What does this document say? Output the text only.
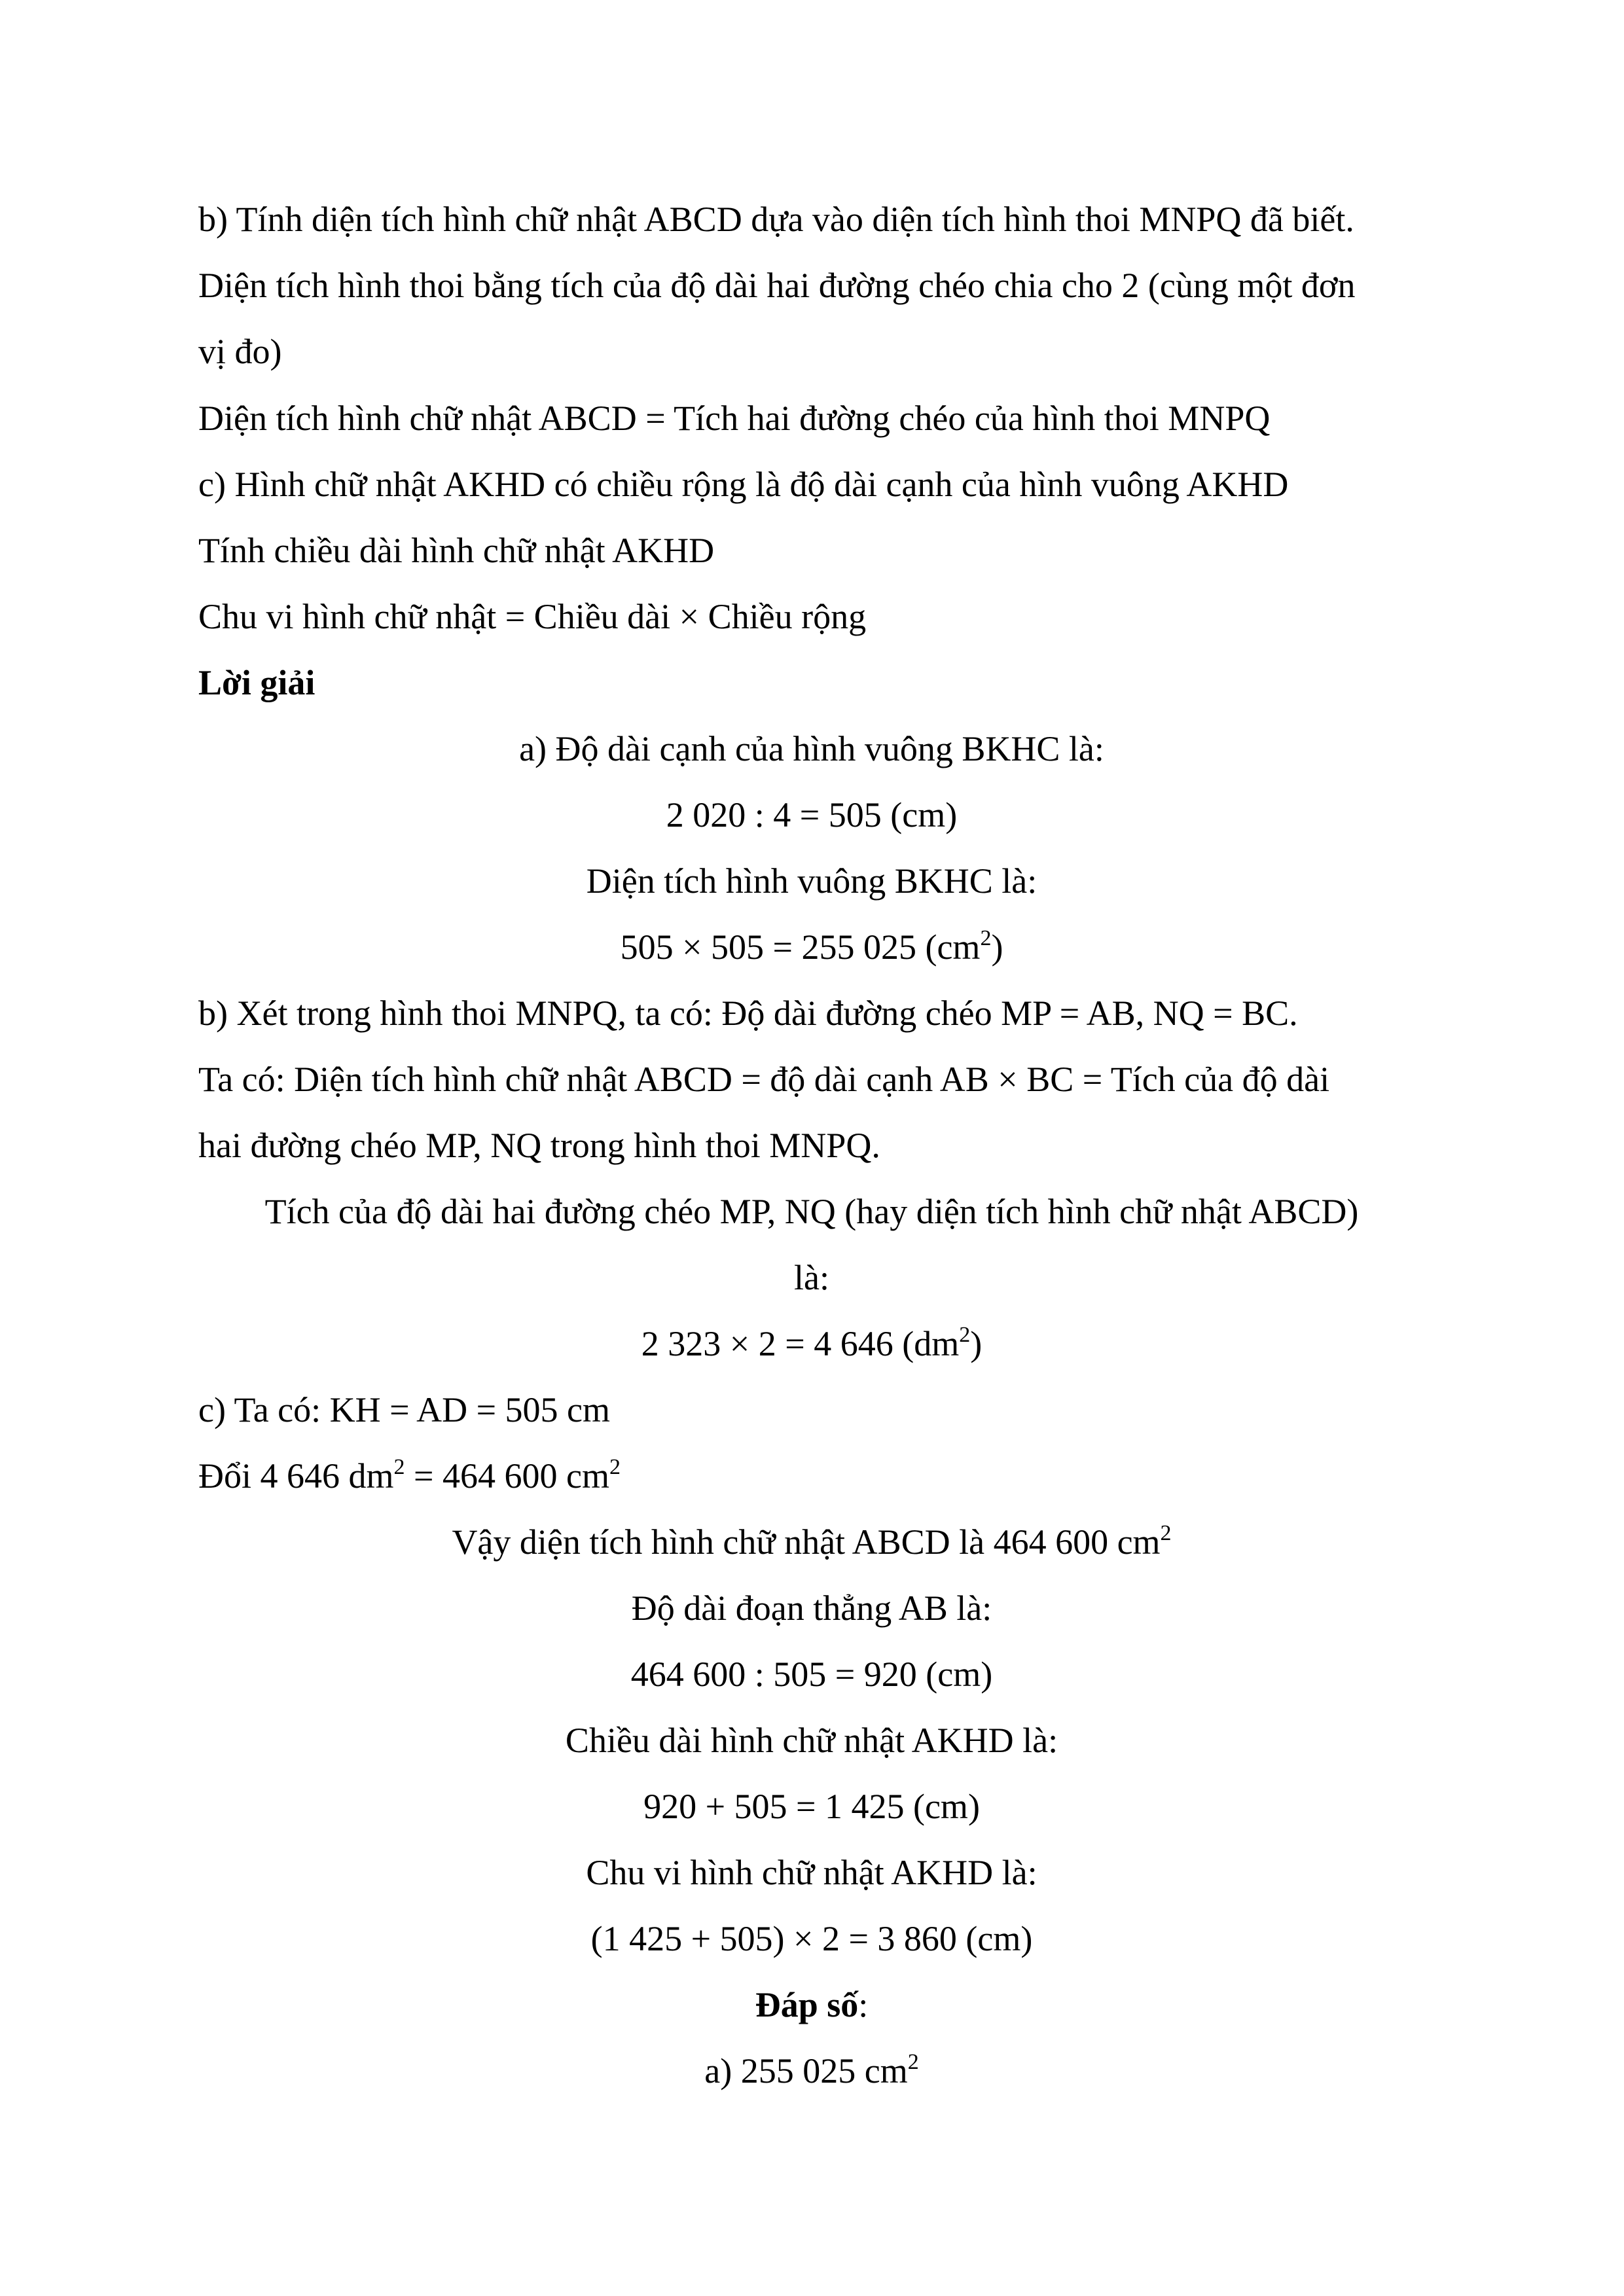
b) Tính diện tích hình chữ nhật ABCD dựa vào diện tích hình thoi MNPQ đã biết.
Diện tích hình thoi bằng tích của độ dài hai đường chéo chia cho 2 (cùng một đơn
vị đo)
Diện tích hình chữ nhật ABCD = Tích hai đường chéo của hình thoi MNPQ
c) Hình chữ nhật AKHD có chiều rộng là độ dài cạnh của hình vuông AKHD
Tính chiều dài hình chữ nhật AKHD
Chu vi hình chữ nhật = Chiều dài × Chiều rộng
Lời giải
a) Độ dài cạnh của hình vuông BKHC là:
2 020 : 4 = 505 (cm)
Diện tích hình vuông BKHC là:
505 × 505 = 255 025 $(cm^2)$
b) Xét trong hình thoi MNPQ, ta có: Độ dài đường chéo MP = AB, NQ = BC.
Ta có: Diện tích hình chữ nhật ABCD = độ dài cạnh AB × BC = Tích của độ dài
hai đường chéo MP, NQ trong hình thoi MNPQ.
Tích của độ dài hai đường chéo MP, NQ (hay diện tích hình chữ nhật ABCD)
là:
2 323 × 2 = 4 646 $(dm^2)$
c) Ta có: KH = AD = 505 cm
Đổi 4 646 $dm^2 = 464$ 600 $cm^2$
Vậy diện tích hình chữ nhật ABCD là 464 600 $cm^2$
Độ dài đoạn thẳng AB là:
464 600 : 505 = 920 (cm)
Chiều dài hình chữ nhật AKHD là:
920 + 505 = 1 425 (cm)
Chu vi hình chữ nhật AKHD là:
(1 425 + 505) × 2 = 3 860 (cm)
Đáp số:
a) 255 025 $cm^2$
